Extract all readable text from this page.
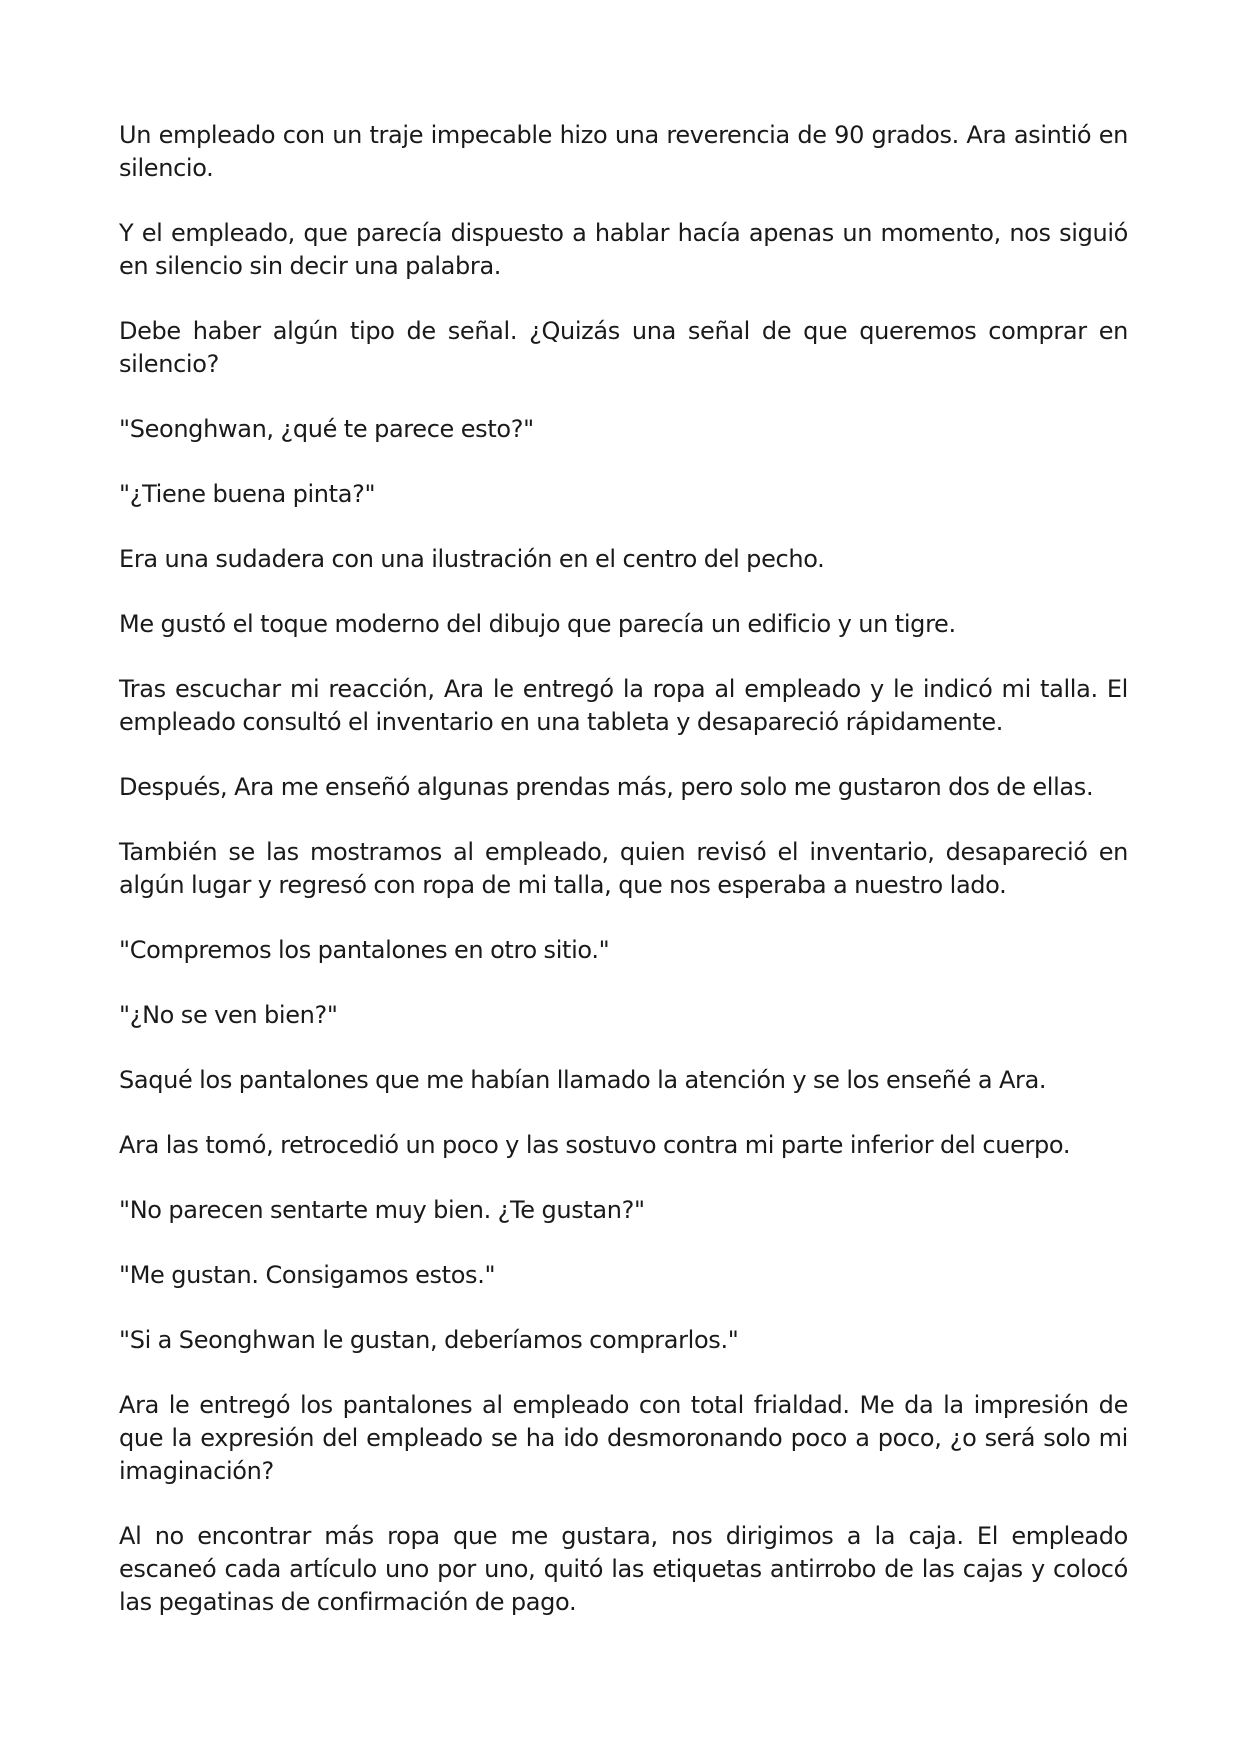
Un empleado con un traje impecable hizo una reverencia de 90 grados. Ara asintió en silencio.

Y el empleado, que parecía dispuesto a hablar hacía apenas un momento, nos siguió en silencio sin decir una palabra.

Debe haber algún tipo de señal. ¿Quizás una señal de que queremos comprar en silencio?

"Seonghwan, ¿qué te parece esto?"

"¿Tiene buena pinta?"

Era una sudadera con una ilustración en el centro del pecho.

Me gustó el toque moderno del dibujo que parecía un edificio y un tigre.

Tras escuchar mi reacción, Ara le entregó la ropa al empleado y le indicó mi talla. El empleado consultó el inventario en una tableta y desapareció rápidamente.

Después, Ara me enseñó algunas prendas más, pero solo me gustaron dos de ellas.

También se las mostramos al empleado, quien revisó el inventario, desapareció en algún lugar y regresó con ropa de mi talla, que nos esperaba a nuestro lado.

"Compremos los pantalones en otro sitio."

"¿No se ven bien?"

Saqué los pantalones que me habían llamado la atención y se los enseñé a Ara.

Ara las tomó, retrocedió un poco y las sostuvo contra mi parte inferior del cuerpo.

"No parecen sentarte muy bien. ¿Te gustan?"

"Me gustan. Consigamos estos."

"Si a Seonghwan le gustan, deberíamos comprarlos."

Ara le entregó los pantalones al empleado con total frialdad. Me da la impresión de que la expresión del empleado se ha ido desmoronando poco a poco, ¿o será solo mi imaginación?

Al no encontrar más ropa que me gustara, nos dirigimos a la caja. El empleado escaneó cada artículo uno por uno, quitó las etiquetas antirrobo de las cajas y colocó las pegatinas de confirmación de pago.
